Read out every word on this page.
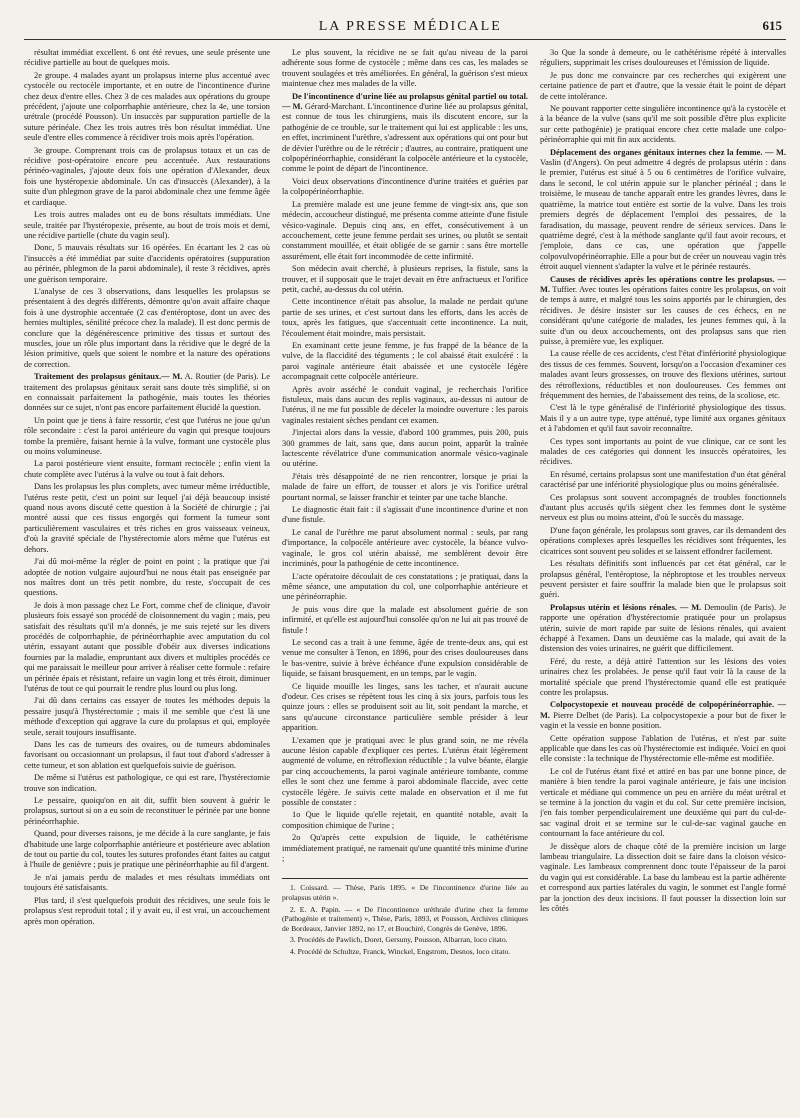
LA PRESSE MÉDICALE	615

résultat immédiat excellent. 6 ont été revues, une seule présente une récidive partielle au bout de quelques mois.

2e groupe. 4 malades ayant un prolapsus interne plus accentué avec cystocèle ou rectocèle importante, et en outre de l'incontinence d'urine chez deux d'entre elles. Chez 3 de ces malades aux opérations du groupe précédent, j'ajoute une colporrhaphie antérieure, chez la 4e, une torsion urétrale (procédé Pousson). Un insuccès par suppuration partielle de la suture périnéale. Chez les trois autres très bon résultat immédiat. Une seule d'entre elles commence à récidiver trois mois après l'opération.

3e groupe. Comprenant trois cas de prolapsus totaux et un cas de récidive post-opératoire encore peu accentuée. Aux restaurations périnéo-vaginales, j'ajoute deux fois une opération d'Alexander, deux fois une hystéropexie abdominale. Un cas d'insuccès (Alexander), à la suite d'un phlegmon grave de la paroi abdominale chez une femme âgée et cardiaque.

Les trois autres malades ont eu de bons résultats immédiats. Une seule, traitée par l'hystéropexie, présente, au bout de trois mois et demi, une récidive partielle (chute du vagin seul).

Donc, 5 mauvais résultats sur 16 opérées. En écartant les 2 cas où l'insuccès a été immédiat par suite d'accidents opératoires (suppuration au périnée, phlegmon de la paroi abdominale), il reste 3 récidives, après une guérison temporaire.

L'analyse de ces 3 observations, dans lesquelles les prolapsus se présentaient à des degrés différents, démontre qu'on avait affaire chaque fois à une dystrophie accentuée (2 cas d'entéroptose, dont un avec des hernies multiples, sénilité précoce chez la malade). Il est donc permis de conclure que la dégénérescence primitive des tissus et surtout des muscles, joue un rôle plus important dans la récidive que le degré de la lésion primitive, quels que soient le nombre et la nature des opérations de correction.

Traitement des prolapsus génitaux.— M. A. Routier (de Paris). Le traitement des prolapsus génitaux serait sans doute très simplifié, si on en connaissait parfaitement la pathogénie, mais toutes les théories données sur ce sujet, n'ont pas encore parfaitement élucidé la question.

Un point que je tiens à faire ressortir, c'est que l'utérus ne joue qu'un rôle secondaire : c'est la paroi antérieure du vagin qui presque toujours tombe la première, faisant hernie à la vulve, formant une cystocèle plus ou moins volumineuse.

La paroi postérieure vient ensuite, formant rectocèle ; enfin vient la chute complète avec l'utérus à la vulve ou tout à fait dehors.

Dans les prolapsus les plus complets, avec tumeur même irréductible, l'utérus reste petit, c'est un point sur lequel j'ai déjà beaucoup insisté quand nous avons discuté cette question à la Société de chirurgie ; j'ai montré aussi que ces tissus engorgés qui forment la tumeur sont particulièrement vasculaires et très riches en gros vaisseaux veineux, d'où la gravité spéciale de l'hystérectomie alors même que l'utérus est dehors.

J'ai dû moi-même la régler de point en point ; la pratique que j'ai adoptée de notion vulgaire aujourd'hui ne nous était pas enseignée par nos maîtres dont un très petit nombre, du reste, s'occupait de ces questions.

Je dois à mon passage chez Le Fort, comme chef de clinique, d'avoir plusieurs fois essayé son procédé de cloisonnement du vagin ; mais, peu satisfait des résultats qu'il m'a donnés, je me suis rejeté sur les divers procédés de colporrhaphie, de périnéorrhaphie avec amputation du col utérin, essayant autant que possible d'obéir aux diverses indications fournies par la maladie, empruntant aux divers et multiples procédés ce qui me paraissait le meilleur pour arriver à réaliser cette formule : refaire un périnée épais et résistant, refaire un vagin long et très étroit, diminuer l'utérus de tout ce qui pourrait le rendre plus lourd ou plus long.

J'ai dû dans certains cas essayer de toutes les méthodes depuis la pessaire jusqu'à l'hystérectomie ; mais il me semble que c'est là une méthode d'exception qui aggrave la cure du prolapsus et qui, employée seule, serait toujours insuffisante.

Dans les cas de tumeurs des ovaires, ou de tumeurs abdominales favorisant ou occasionnant un prolapsus, il faut tout d'abord s'adresser à cette tumeur, et son ablation est quelquefois suivie de guérison.

De même si l'utérus est pathologique, ce qui est rare, l'hystérectomie trouve son indication.

Le pessaire, quoiqu'on en ait dit, suffit bien souvent à guérir le prolapsus, surtout si on a eu soin de reconstituer le périnée par une bonne périnéorrhaphie.

Quand, pour diverses raisons, je me décide à la cure sanglante, je fais d'habitude une large colporrhaphie antérieure et postérieure avec ablation de tout ou partie du col, toutes les sutures profondes étant faites au catgut à l'huile de genièvre ; puis je pratique une périnéorrhaphie au fil d'argent.

Je n'ai jamais perdu de malades et mes résultats immédiats ont toujours été satisfaisants.

Plus tard, il s'est quelquefois produit des récidives, une seule fois le prolapsus s'est reproduit total ; il y avait eu, il est vrai, un accouchement après mon opération.

Le plus souvent, la récidive ne se fait qu'au niveau de la paroi adhérente sous forme de cystocèle ; même dans ces cas, les malades se trouvent soulagées et très améliorées. En général, la guérison s'est mieux maintenue chez mes malades de la ville.

De l'incontinence d'urine liée au prolapsus génital partiel ou total. — M. Gérard-Marchant. L'incontinence d'urine liée au prolapsus génital, est connue de tous les chirurgiens, mais ils discutent encore, sur la pathogénie de ce trouble, sur le traitement qui lui est applicable : les uns, en effet, incriminent l'urèthre, s'adressent aux opérations qui ont pour but de dévier l'urèthre ou de le rétrécir ; d'autres, au contraire, pratiquent une colpopérinéorrhaphie, considérant la colpocèle antérieure et la cystocèle, comme le point de départ de l'incontinence.

Voici deux observations d'incontinence d'urine traitées et guéries par la colpopérinéorrhaphie.

La première malade est une jeune femme de vingt-six ans, que son médecin, accoucheur distingué, me présenta comme atteinte d'une fistule vésico-vaginale. Depuis cinq ans, en effet, consécutivement à un accouchement, cette jeune femme perdait ses urines, ou plutôt se sentait constamment mouillée, et était obligée de se garnir : sans être mortelle assurément, elle était fort incommodée de cette infirmité.

Son médecin avait cherché, à plusieurs reprises, la fistule, sans la trouver, et il supposait que le trajet devait en être anfractueux et l'orifice petit, caché, au-dessus du col utérin.

Cette incontinence n'était pas absolue, la malade ne perdait qu'une partie de ses urines, et c'est surtout dans les efforts, dans les accès de toux, après les fatigues, que s'accentuait cette incontinence. La nuit, l'écoulement était moindre, mais persistait.

En examinant cette jeune femme, je fus frappé de la béance de la vulve, de la flaccidité des téguments ; le col abaissé était exulcéré : la paroi vaginale antérieure était abaissée et une cystocèle légère accompagnait cette colpocèle antérieure.

Après avoir asséché le conduit vaginal, je recherchais l'orifice fistuleux, mais dans aucun des replis vaginaux, au-dessus ni autour de l'utérus, il ne me fut possible de déceler la moindre ouverture : les parois vaginales restaient sèches pendant cet examen.

J'injectai alors dans la vessie, d'abord 100 grammes, puis 200, puis 300 grammes de lait, sans que, dans aucun point, apparût la traînée lactescente révélatrice d'une communication anormale vésico-vaginale ou utérine.

J'étais très désappointé de ne rien rencontrer, lorsque je priai la malade de faire un effort, de tousser et alors je vis l'orifice urétral pourtant normal, se laisser franchir et teinter par une tache blanche.

Le diagnostic était fait : il s'agissait d'une incontinence d'urine et non d'une fistule.

Le canal de l'urèthre me parut absolument normal : seuls, par rang d'importance, la colpocèle antérieure avec cystocèle, la béance vulvo-vaginale, le gros col utérin abaissé, me semblèrent devoir être incriminés, pour la pathogénie de cette incontinence.

L'acte opératoire découlait de ces constatations ; je pratiquai, dans la même séance, une amputation du col, une colporrhaphie antérieure et une périnéorraphie.

Je puis vous dire que la malade est absolument guérie de son infirmité, et qu'elle est aujourd'hui consolée qu'on ne lui ait pas trouvé de fistule !

Le second cas a trait à une femme, âgée de trente-deux ans, qui est venue me consulter à Tenon, en 1896, pour des crises douloureuses dans le bas-ventre, suivie à brève échéance d'une expulsion considérable de liquide, se faisant brusquement, en un temps, par le vagin.

Ce liquide mouille les linges, sans les tacher, et n'aurait aucune d'odeur. Ces crises se répètent tous les cinq à six jours, parfois tous les quinze jours : elles se produisent soit au lit, soit pendant la marche, et sans qu'aucune circonstance particulière semble présider à leur apparition.

L'examen que je pratiquai avec le plus grand soin, ne me révéla aucune lésion capable d'expliquer ces pertes. L'utérus était légèrement augmenté de volume, en rétroflexion réductible ; la vulve béante, élargie par cinq accouchements, la paroi vaginale antérieure tombante, comme elles le sont chez une femme à paroi abdominale flaccide, avec cette cystocèle légère. Je suivis cette malade en observation et il me fut possible de constater :

1o Que le liquide qu'elle rejetait, en quantité notable, avait la composition chimique de l'urine ;

2o Qu'après cette expulsion de liquide, le cathétérisme immédiatement pratiqué, ne ramenait qu'une quantité très minime d'urine ;

1. Coissard. — Thèse, Paris 1895. « De l'incontinence d'urine liée au prolapsus utérin ».
2. E. A. Papin. — « De l'incontinence uréthrale d'urine chez la femme (Pathogénie et traitement) », Thèse, Paris, 1893, et Pousson, Archives cliniques de Bordeaux, Janvier 1892, no 17, et Bouchiré, Congrès de Genève, 1896.
3. Procédés de Pawlich, Doret, Gersuny, Pousson, Albarran, loco citato.
4. Procédé de Schultze, Franck, Winckel, Engstrom, Desnos, loco citato.

3o Que la sonde à demeure, ou le cathétérisme répété à intervalles réguliers, supprimait les crises douloureuses et l'émission de liquide.

Je pus donc me convaincre par ces recherches qui exigèrent une certaine patience de part et d'autre, que la vessie était le point de départ de cette intolérance.

Ne pouvant rapporter cette singulière incontinence qu'à la cystocèle et à la béance de la vulve (sans qu'il me soit possible d'être plus explicite sur cette pathogénie) je pratiquai encore chez cette malade une colpo-périnéorraphie qui mit fin aux accidents.

Déplacement des organes génitaux internes chez la femme. — M. Vaslin (d'Angers). On peut admettre 4 degrés de prolapsus utérin : dans le premier, l'utérus est situé à 5 ou 6 centimètres de l'orifice vulvaire, dans le second, le col utérin appuie sur le plancher périnéal ; dans le troisième, le museau de tanche apparaît entre les grandes lèvres, dans le quatrième, la matrice tout entière est sortie de la vulve. Dans les trois premiers degrés de déplacement l'emploi des pessaires, de la faradisation, du massage, peuvent rendre de sérieux services. Dans le quatrième degré, c'est à la méthode sanglante qu'il faut avoir recours, et j'emploie, dans ce cas, une opération que j'appelle colpovulvopérinéorraphie. Elle a pour but de créer un nouveau vagin très étroit auquel viennent s'adapter la vulve et le périnée restaurés.

Causes de récidives après les opérations contre les prolapsus. — M. Tuffier. Avec toutes les opérations faites contre les prolapsus, on voit de temps à autre, et malgré tous les soins apportés par le chirurgien, des récidives. Je désire insister sur les causes de ces échecs, en ne considérant qu'une catégorie de malades, les jeunes femmes qui, à la suite d'un ou deux accouchements, ont des prolapsus sans que rien puisse, à première vue, les expliquer.

La cause réelle de ces accidents, c'est l'état d'infériorité physiologique des tissus de ces femmes. Souvent, lorsqu'on a l'occasion d'examiner ces malades avant leurs grossesses, on trouve des flexions utérines, surtout des rétroflexions, réductibles et non douloureuses. Ces femmes ont fréquemment des hernies, de l'abaissement des reins, de la scoliose, etc.

C'est là le type généralisé de l'infériorité physiologique des tissus. Mais il y a un autre type, type atténué, type limité aux organes génitaux et à l'abdomen et qu'il faut savoir reconnaître.

Ces types sont importants au point de vue clinique, car ce sont les malades de ces catégories qui donnent les insuccès opératoires, les récidives.

En résumé, certains prolapsus sont une manifestation d'un état général caractérisé par une infériorité physiologique plus ou moins généralisée.

Ces prolapsus sont souvent accompagnés de troubles fonctionnels d'autant plus accusés qu'ils siègent chez les femmes dont le système nerveux est plus ou moins atteint, d'où le succès du massage.

D'une façon générale, les prolapsus sont graves, car ils demandent des opérations complexes après lesquelles les récidives sont fréquentes, les cicatrices sont souvent peu solides et se laissent effondrer facilement.

Les résultats définitifs sont influencés par cet état général, car le prolapsus général, l'entéroptose, la néphroptose et les troubles nerveux peuvent persister et faire souffrir la malade bien que le prolapsus soit guéri.

Prolapsus utérin et lésions rénales. — M. Demoulin (de Paris). Je rapporte une opération d'hystérectomie pratiquée pour un prolapsus utérin, suivie de mort rapide par suite de lésions rénales, qui avaient échappé à l'examen. Dans un deuxième cas la malade, qui avait de la distension des voies urinaires, ne guérit que difficilement.

Féré, du reste, a déjà attiré l'attention sur les lésions des voies urinaires chez les prolabées. Je pense qu'il faut voir là la cause de la mortalité spéciale que prend l'hystérectomie quand elle est pratiquée contre les prolapsus.

Colpocystopexie et nouveau procédé de colpopérinéorraphie. — M. Pierre Delbet (de Paris). La colpocystopexie a pour but de fixer le vagin et la vessie en bonne position.

Cette opération suppose l'ablation de l'utérus, et n'est par suite applicable que dans les cas où l'hystérectomie est indiquée. Voici en quoi elle consiste : la technique de l'hystérectomie elle-même est modifiée.

Le col de l'utérus étant fixé et attiré en bas par une bonne pince, de manière à bien tendre la paroi vaginale antérieure, je fais une incision verticale et médiane qui commence un peu en arrière du méat urétral et se termine à la jonction du vagin et du col. Sur cette première incision, j'en fais tomber perpendiculairement une deuxième qui part du cul-de-sac vaginal droit et se termine sur le cul-de-sac vaginal gauche en contournant la face antérieure du col.

Je dissèque alors de chaque côté de la première incision un large lambeau triangulaire. La dissection doit se faire dans la cloison vésico-vaginale. Les lambeaux comprennent donc toute l'épaisseur de la paroi du vagin qui est considérable. La base du lambeau est la partie adhérente et correspond aux parties latérales du vagin, le sommet est l'angle formé par la jonction des deux incisions. Il faut pousser la dissection loin sur les côtés
